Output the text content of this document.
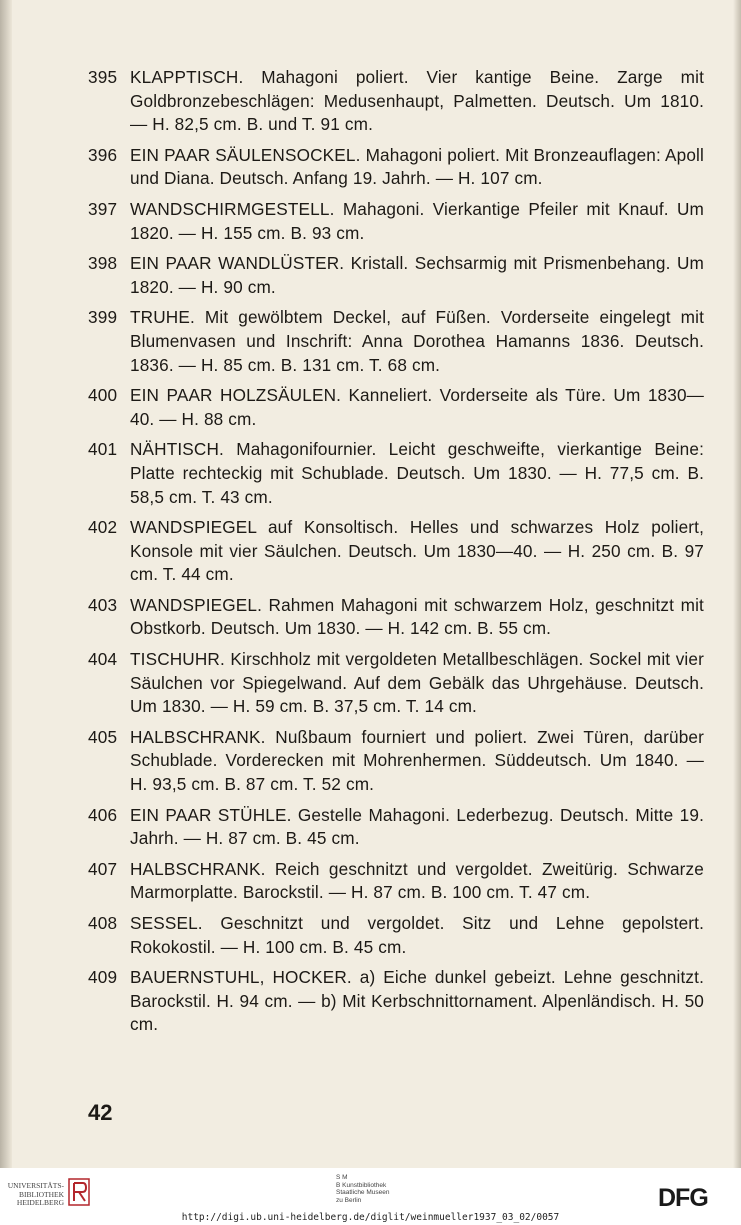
395 KLAPPTISCH. Mahagoni poliert. Vier kantige Beine. Zarge mit Goldbronzebeschlägen: Medusenhaupt, Palmetten. Deutsch. Um 1810. — H. 82,5 cm. B. und T. 91 cm.
396 EIN PAAR SÄULENSOCKEL. Mahagoni poliert. Mit Bronzeauflagen: Apoll und Diana. Deutsch. Anfang 19. Jahrh. — H. 107 cm.
397 WANDSCHIRMGESTELL. Mahagoni. Vierkantige Pfeiler mit Knauf. Um 1820. — H. 155 cm. B. 93 cm.
398 EIN PAAR WANDLÜSTER. Kristall. Sechsarmig mit Prismenbehang. Um 1820. — H. 90 cm.
399 TRUHE. Mit gewölbtem Deckel, auf Füßen. Vorderseite eingelegt mit Blumenvasen und Inschrift: Anna Dorothea Hamanns 1836. Deutsch. 1836. — H. 85 cm. B. 131 cm. T. 68 cm.
400 EIN PAAR HOLZSÄULEN. Kanneliert. Vorderseite als Türe. Um 1830—40. — H. 88 cm.
401 NÄHTISCH. Mahagonifournier. Leicht geschweifte, vierkantige Beine: Platte rechteckig mit Schublade. Deutsch. Um 1830. — H. 77,5 cm. B. 58,5 cm. T. 43 cm.
402 WANDSPIEGEL auf Konsoltisch. Helles und schwarzes Holz poliert, Konsole mit vier Säulchen. Deutsch. Um 1830—40. — H. 250 cm. B. 97 cm. T. 44 cm.
403 WANDSPIEGEL. Rahmen Mahagoni mit schwarzem Holz, geschnitzt mit Obstkorb. Deutsch. Um 1830. — H. 142 cm. B. 55 cm.
404 TISCHUHR. Kirschholz mit vergoldeten Metallbeschlägen. Sockel mit vier Säulchen vor Spiegelwand. Auf dem Gebälk das Uhrgehäuse. Deutsch. Um 1830. — H. 59 cm. B. 37,5 cm. T. 14 cm.
405 HALBSCHRANK. Nußbaum fourniert und poliert. Zwei Türen, darüber Schublade. Vorderecken mit Mohrenhermen. Süddeutsch. Um 1840. — H. 93,5 cm. B. 87 cm. T. 52 cm.
406 EIN PAAR STÜHLE. Gestelle Mahagoni. Lederbezug. Deutsch. Mitte 19. Jahrh. — H. 87 cm. B. 45 cm.
407 HALBSCHRANK. Reich geschnitzt und vergoldet. Zweitürig. Schwarze Marmorplatte. Barockstil. — H. 87 cm. B. 100 cm. T. 47 cm.
408 SESSEL. Geschnitzt und vergoldet. Sitz und Lehne gepolstert. Rokokostil. — H. 100 cm. B. 45 cm.
409 BAUERNSTUHL, HOCKER. a) Eiche dunkel gebeizt. Lehne geschnitzt. Barockstil. H. 94 cm. — b) Mit Kerbschnittornament. Alpenländisch. H. 50 cm.
42
UNIVERSITÄTS-
BIBLIOTHEK
HEIDELBERG
S M
B Kunstbibliothek
Staatliche Museen
zu Berlin	DFG
http://digi.ub.uni-heidelberg.de/diglit/weinmueller1937_03_02/0057
